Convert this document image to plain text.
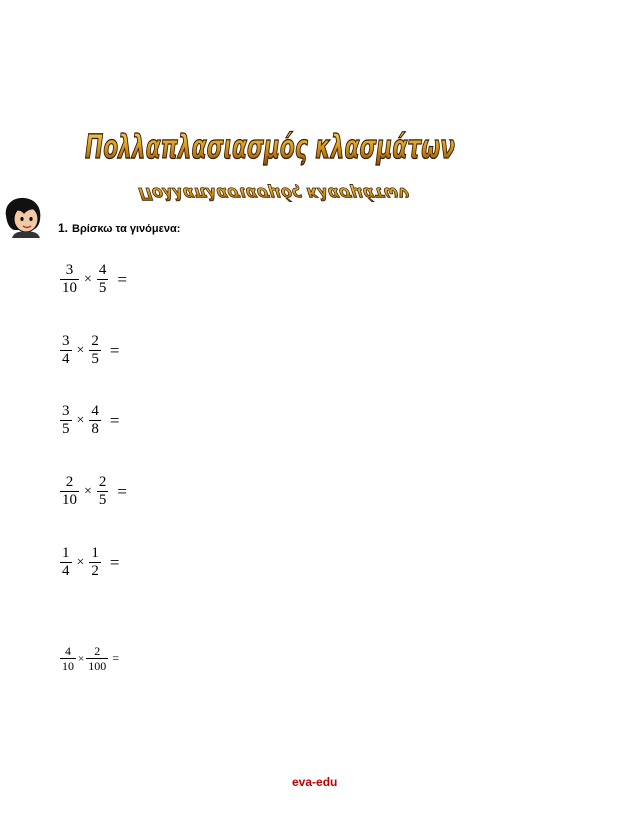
Πολλαπλασιασμός κλασμάτων
Πολλαπλασιασμός κλασμάτων
1. Βρίσκω τα γινόμενα:
$\frac{3}{10} \times \frac{4}{5}$ =
$\frac{3}{4} \times \frac{2}{5}$ =
$\frac{3}{5} \times \frac{4}{8}$ =
$\frac{2}{10} \times \frac{2}{5}$ =
$\frac{1}{4} \times \frac{1}{2}$ =
$\frac{4}{10} \times \frac{2}{100}$ =
eva-edu
